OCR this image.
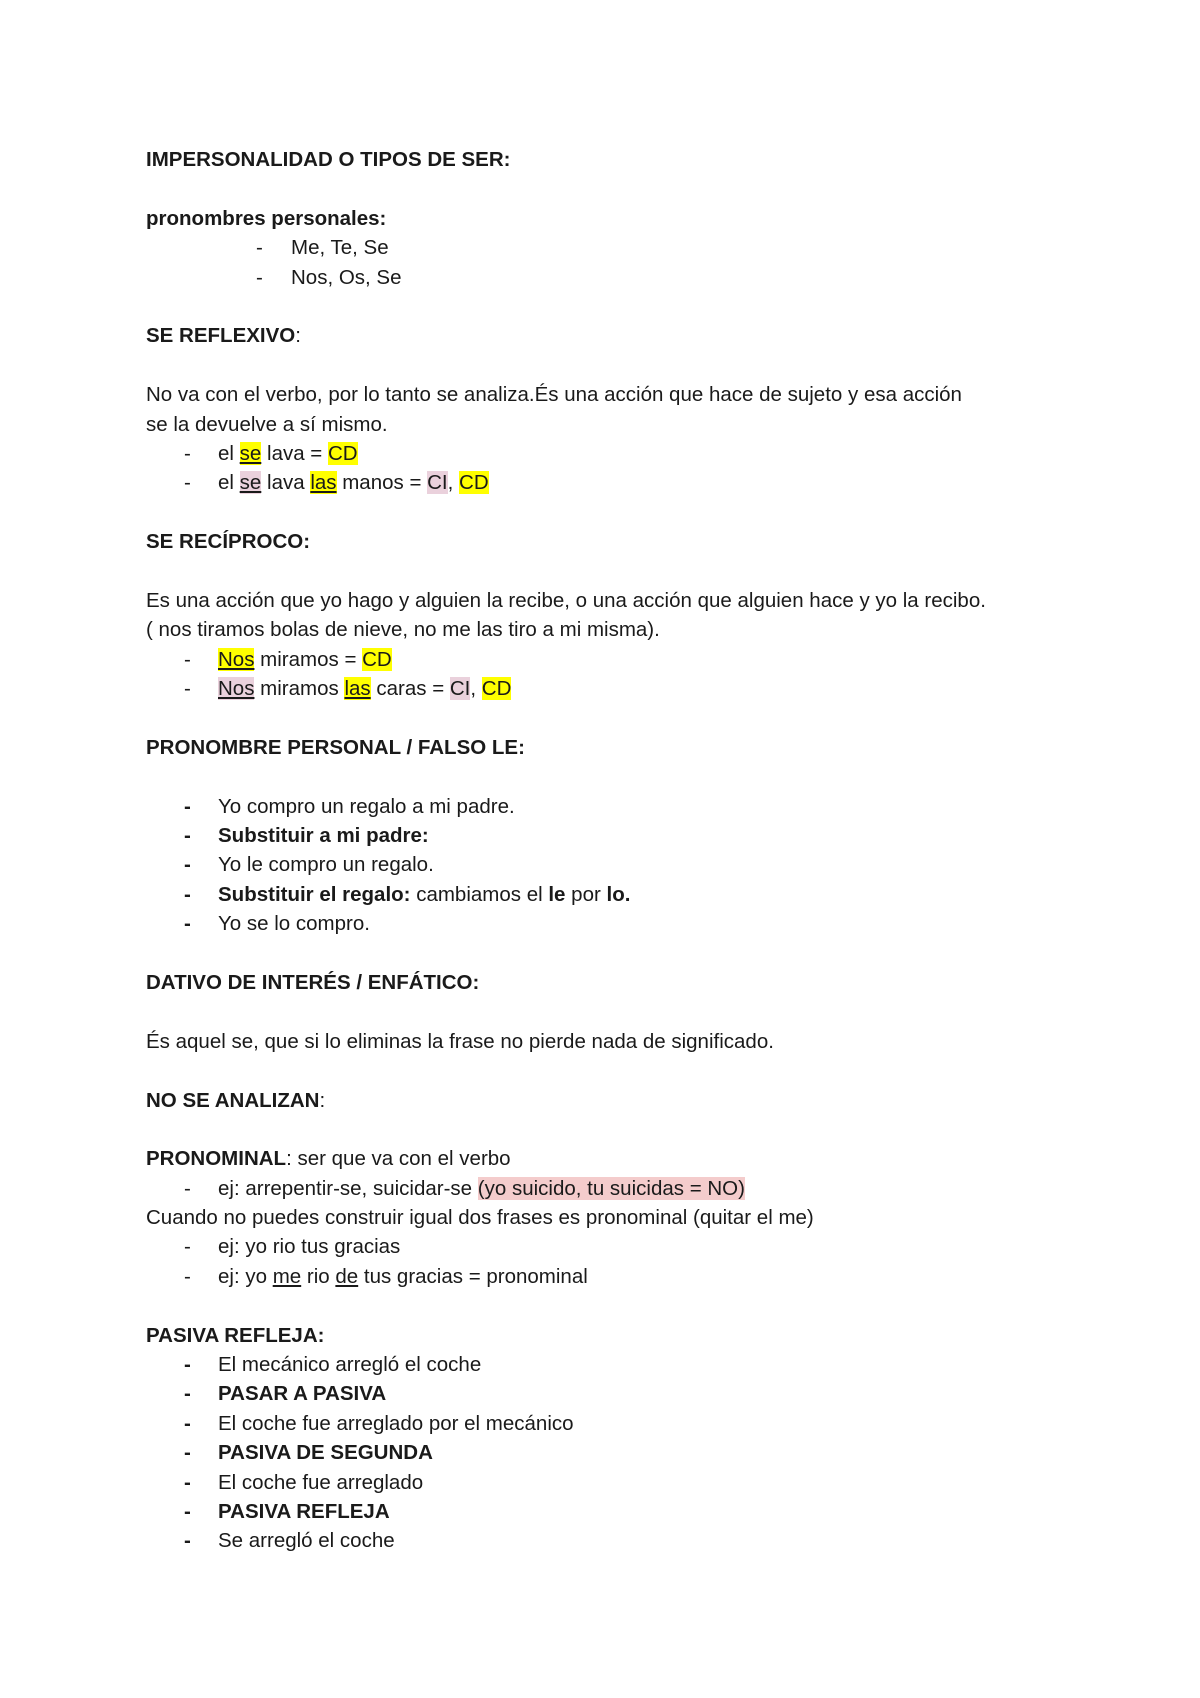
IMPERSONALIDAD O TIPOS DE SER:
pronombres personales:
- Me, Te, Se
- Nos, Os, Se
SE REFLEXIVO:
No va con el verbo, por lo tanto se analiza.És una acción que hace de sujeto y esa acción
se la devuelve a sí mismo.
- el se lava = CD
- el se lava las manos = CI, CD
SE RECÍPROCO:
Es una acción que yo hago y alguien la recibe, o una acción que alguien hace y yo la recibo.
( nos tiramos bolas de nieve, no me las tiro a mi misma).
- Nos miramos = CD
- Nos miramos las caras = CI, CD
PRONOMBRE PERSONAL / FALSO LE:
- Yo compro un regalo a mi padre.
- Substituir a mi padre:
- Yo le compro un regalo.
- Substituir el regalo: cambiamos el le por lo.
- Yo se lo compro.
DATIVO DE INTERÉS / ENFÁTICO:
És aquel se, que si lo eliminas la frase no pierde nada de significado.
NO SE ANALIZAN:
PRONOMINAL: ser que va con el verbo
- ej: arrepentir-se, suicidar-se (yo suicido, tu suicidas = NO)
Cuando no puedes construir igual dos frases es pronominal (quitar el me)
- ej: yo rio tus gracias
- ej: yo me rio de tus gracias = pronominal
PASIVA REFLEJA:
- El mecánico arregló el coche
- PASAR A PASIVA
- El coche fue arreglado por el mecánico
- PASIVA DE SEGUNDA
- El coche fue arreglado
- PASIVA REFLEJA
- Se arregló el coche
